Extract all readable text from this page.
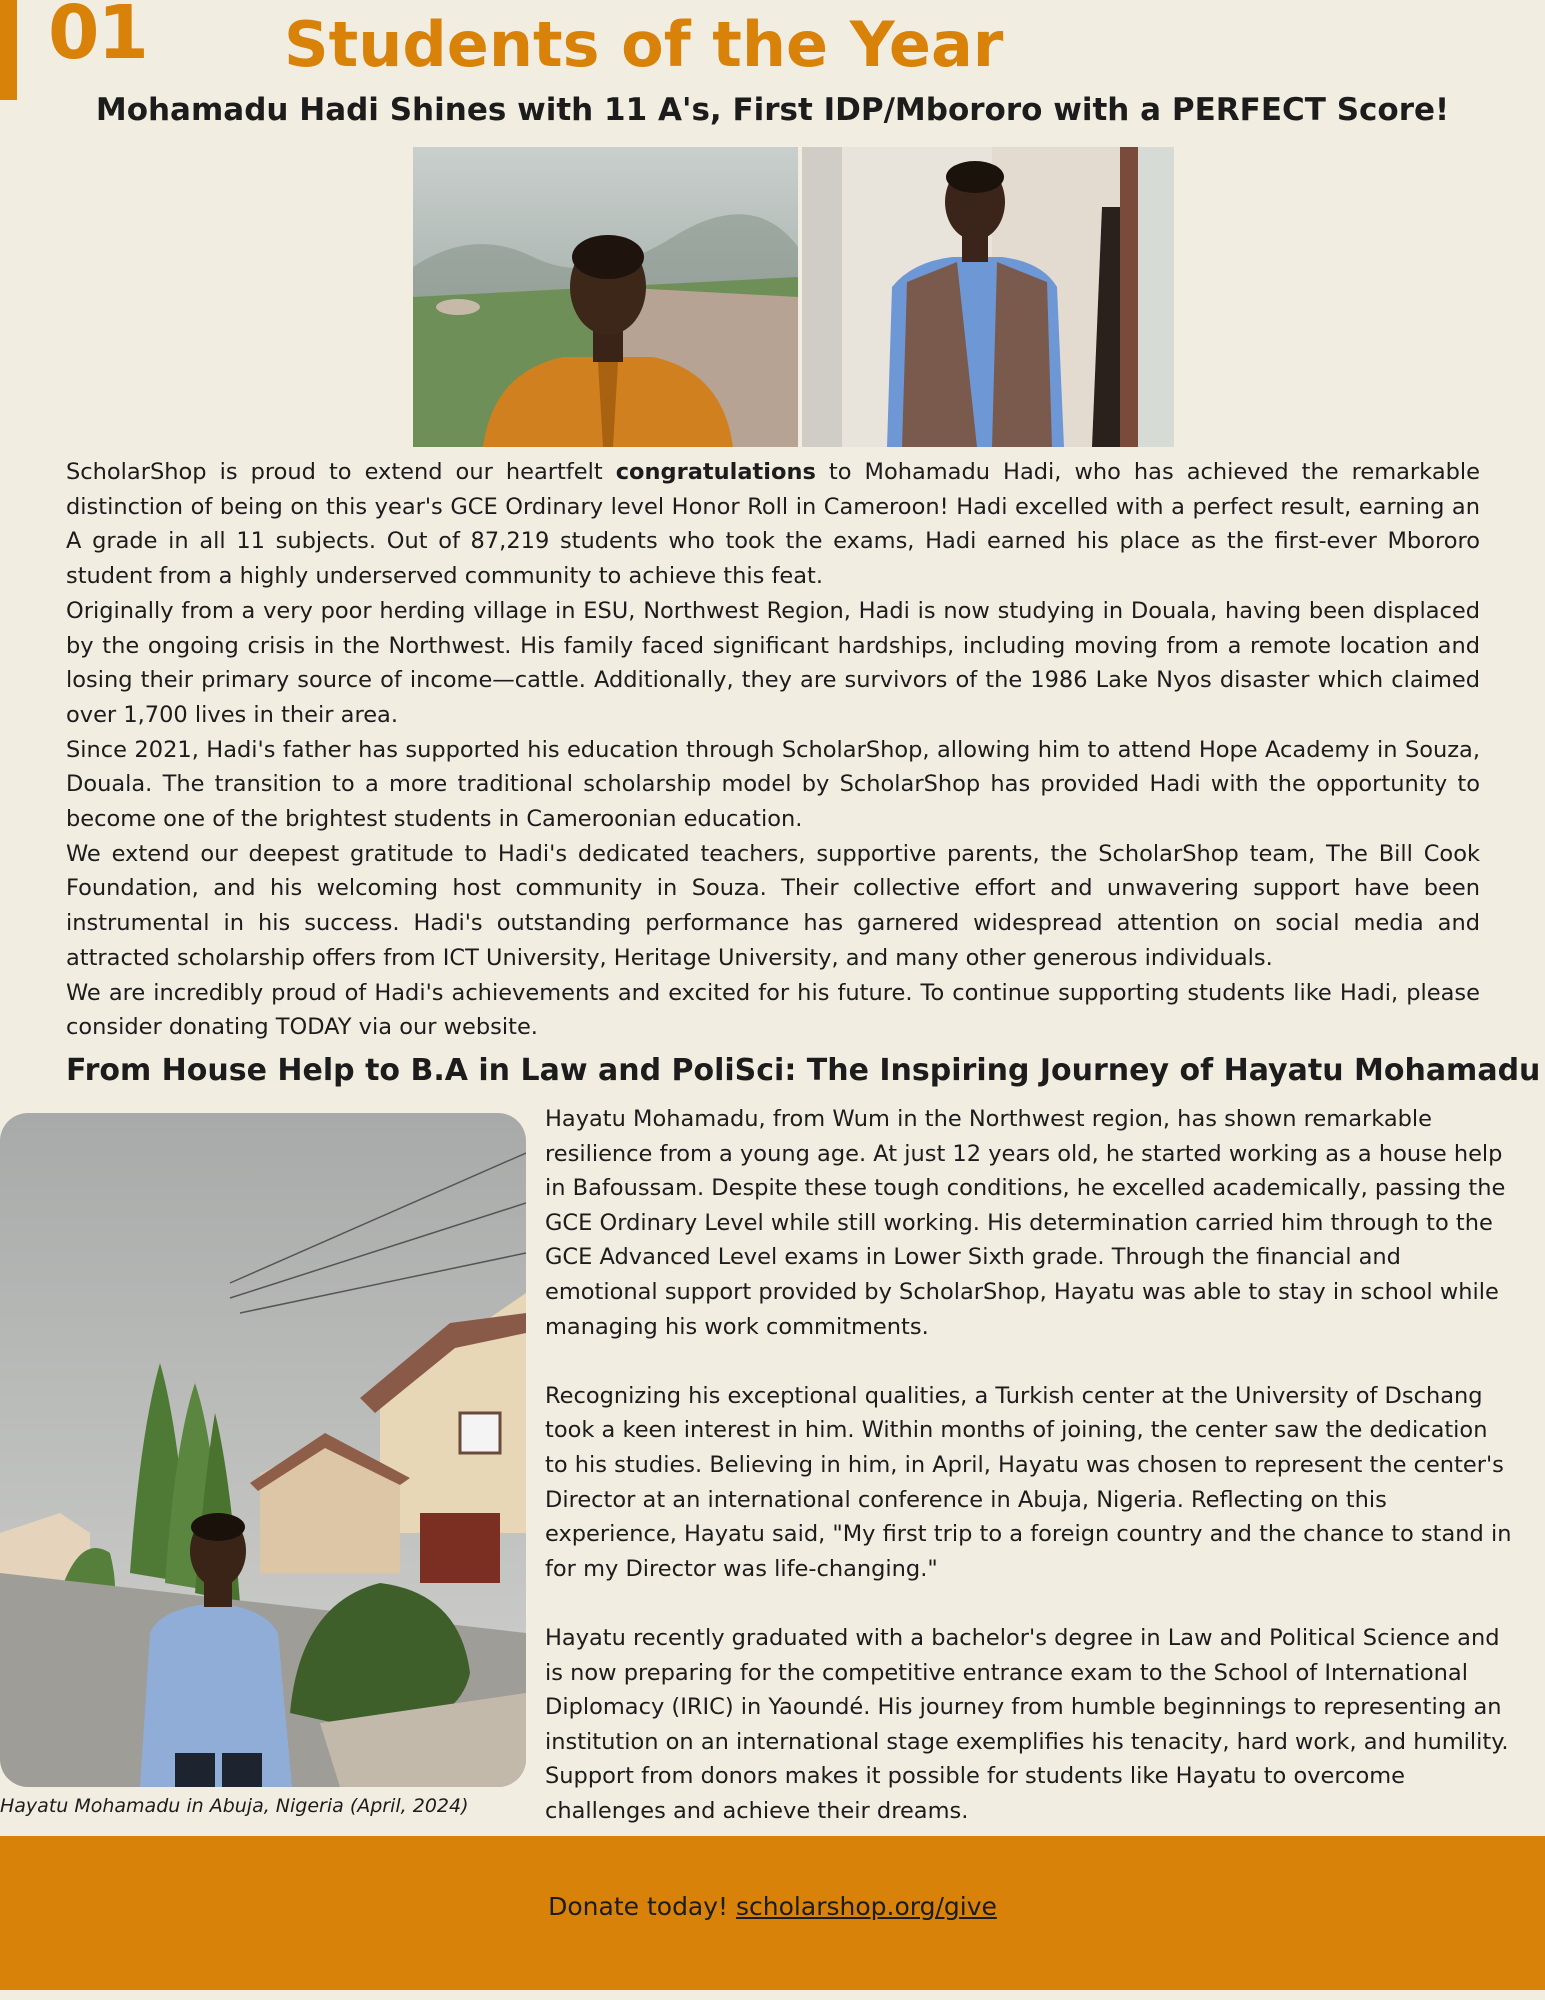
01 Students of the Year
Mohamadu Hadi Shines with 11 A's, First IDP/Mbororo with a PERFECT Score!

ScholarShop is proud to extend our heartfelt congratulations to Mohamadu Hadi, who has achieved the remarkable distinction of being on this year's GCE Ordinary level Honor Roll in Cameroon! Hadi excelled with a perfect result, earning an A grade in all 11 subjects. Out of 87,219 students who took the exams, Hadi earned his place as the first-ever Mbororo student from a highly underserved community to achieve this feat.

Originally from a very poor herding village in ESU, Northwest Region, Hadi is now studying in Douala, having been displaced by the ongoing crisis in the Northwest. His family faced significant hardships, including moving from a remote location and losing their primary source of income—cattle. Additionally, they are survivors of the 1986 Lake Nyos disaster which claimed over 1,700 lives in their area.

Since 2021, Hadi's father has supported his education through ScholarShop, allowing him to attend Hope Academy in Souza, Douala. The transition to a more traditional scholarship model by ScholarShop has provided Hadi with the opportunity to become one of the brightest students in Cameroonian education.

We extend our deepest gratitude to Hadi's dedicated teachers, supportive parents, the ScholarShop team, The Bill Cook Foundation, and his welcoming host community in Souza. Their collective effort and unwavering support have been instrumental in his success. Hadi's outstanding performance has garnered widespread attention on social media and attracted scholarship offers from ICT University, Heritage University, and many other generous individuals.

We are incredibly proud of Hadi's achievements and excited for his future. To continue supporting students like Hadi, please consider donating TODAY via our website.

From House Help to B.A in Law and PoliSci: The Inspiring Journey of Hayatu Mohamadu
Hayatu Mohamadu in Abuja, Nigeria (April, 2024)

Hayatu Mohamadu, from Wum in the Northwest region, has shown remarkable resilience from a young age. At just 12 years old, he started working as a house help in Bafoussam. Despite these tough conditions, he excelled academically, passing the GCE Ordinary Level while still working. His determination carried him through to the GCE Advanced Level exams in Lower Sixth grade. Through the financial and emotional support provided by ScholarShop, Hayatu was able to stay in school while managing his work commitments.

Recognizing his exceptional qualities, a Turkish center at the University of Dschang took a keen interest in him. Within months of joining, the center saw the dedication to his studies. Believing in him, in April, Hayatu was chosen to represent the center's Director at an international conference in Abuja, Nigeria. Reflecting on this experience, Hayatu said, "My first trip to a foreign country and the chance to stand in for my Director was life-changing."

Hayatu recently graduated with a bachelor's degree in Law and Political Science and is now preparing for the competitive entrance exam to the School of International Diplomacy (IRIC) in Yaoundé. His journey from humble beginnings to representing an institution on an international stage exemplifies his tenacity, hard work, and humility. Support from donors makes it possible for students like Hayatu to overcome challenges and achieve their dreams.

Donate today! scholarshop.org/give
